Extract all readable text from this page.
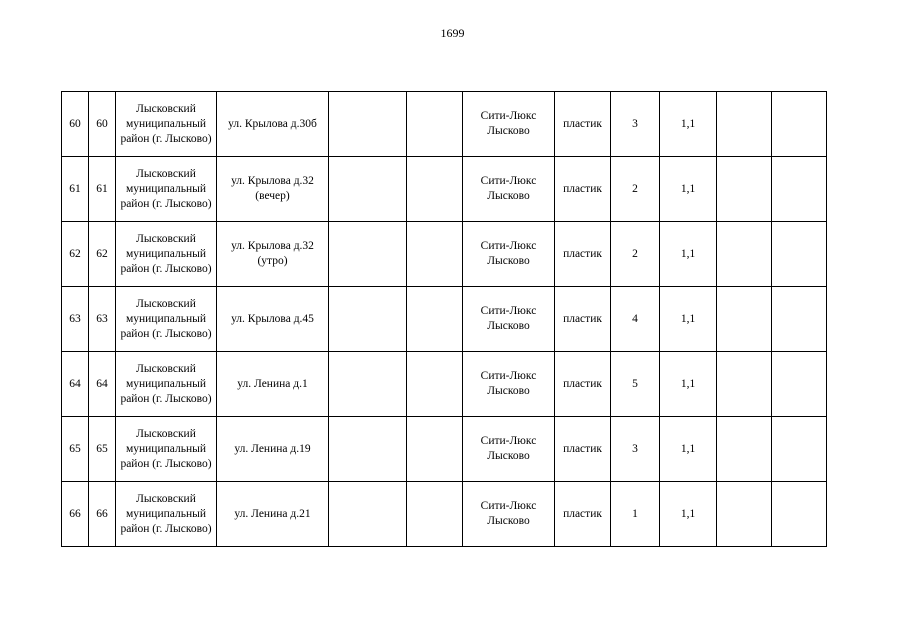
1699
60	60	Лысковский
муниципальный
район (г. Лысково)	ул. Крылова д.30б			Сити-Люкс
Лысково	пластик	3	1,1		
61	61	Лысковский
муниципальный
район (г. Лысково)	ул. Крылова д.32
(вечер)			Сити-Люкс
Лысково	пластик	2	1,1		
62	62	Лысковский
муниципальный
район (г. Лысково)	ул. Крылова д.32
(утро)			Сити-Люкс
Лысково	пластик	2	1,1		
63	63	Лысковский
муниципальный
район (г. Лысково)	ул. Крылова д.45			Сити-Люкс
Лысково	пластик	4	1,1		
64	64	Лысковский
муниципальный
район (г. Лысково)	ул. Ленина д.1			Сити-Люкс
Лысково	пластик	5	1,1		
65	65	Лысковский
муниципальный
район (г. Лысково)	ул. Ленина д.19			Сити-Люкс
Лысково	пластик	3	1,1		
66	66	Лысковский
муниципальный
район (г. Лысково)	ул. Ленина д.21			Сити-Люкс
Лысково	пластик	1	1,1		
